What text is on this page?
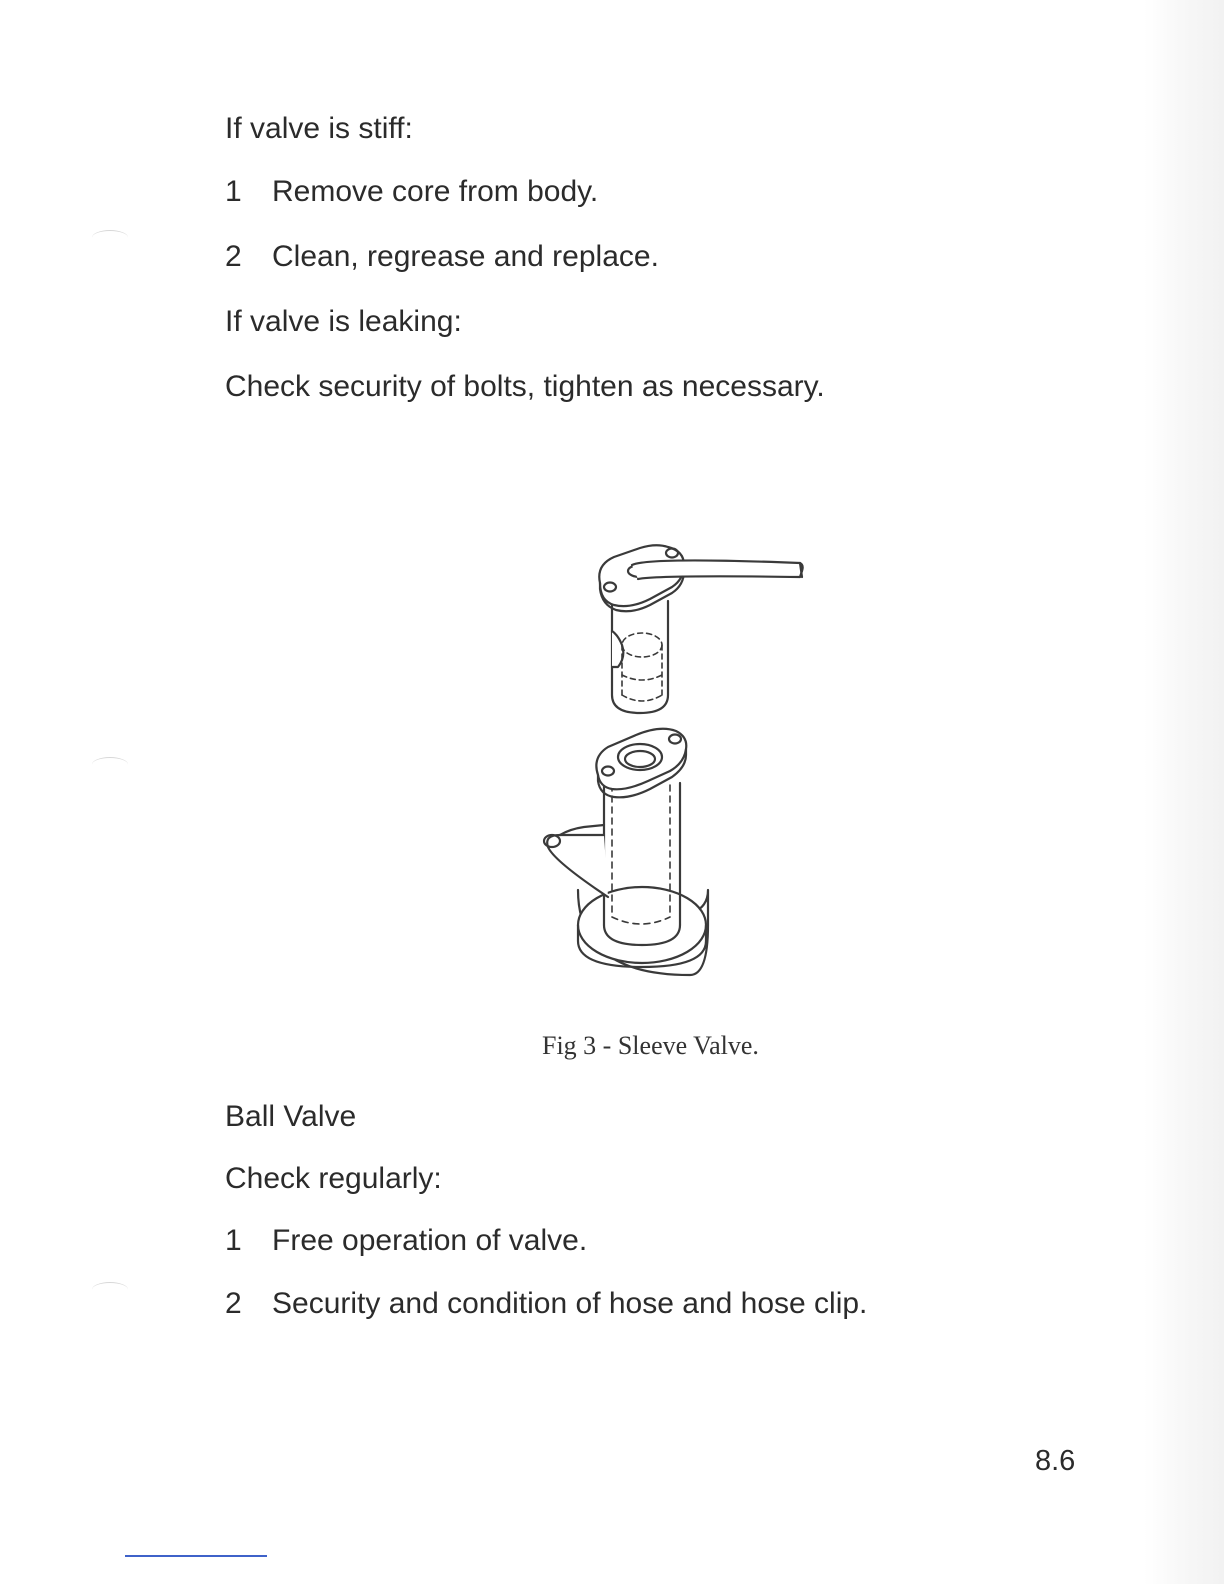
If valve is stiff:
1 Remove core from body.
2 Clean, regrease and replace.
If valve is leaking:
Check security of bolts, tighten as necessary.
Fig 3 - Sleeve Valve.
Ball Valve
Check regularly:
1 Free operation of valve.
2 Security and condition of hose and hose clip.
8.6
